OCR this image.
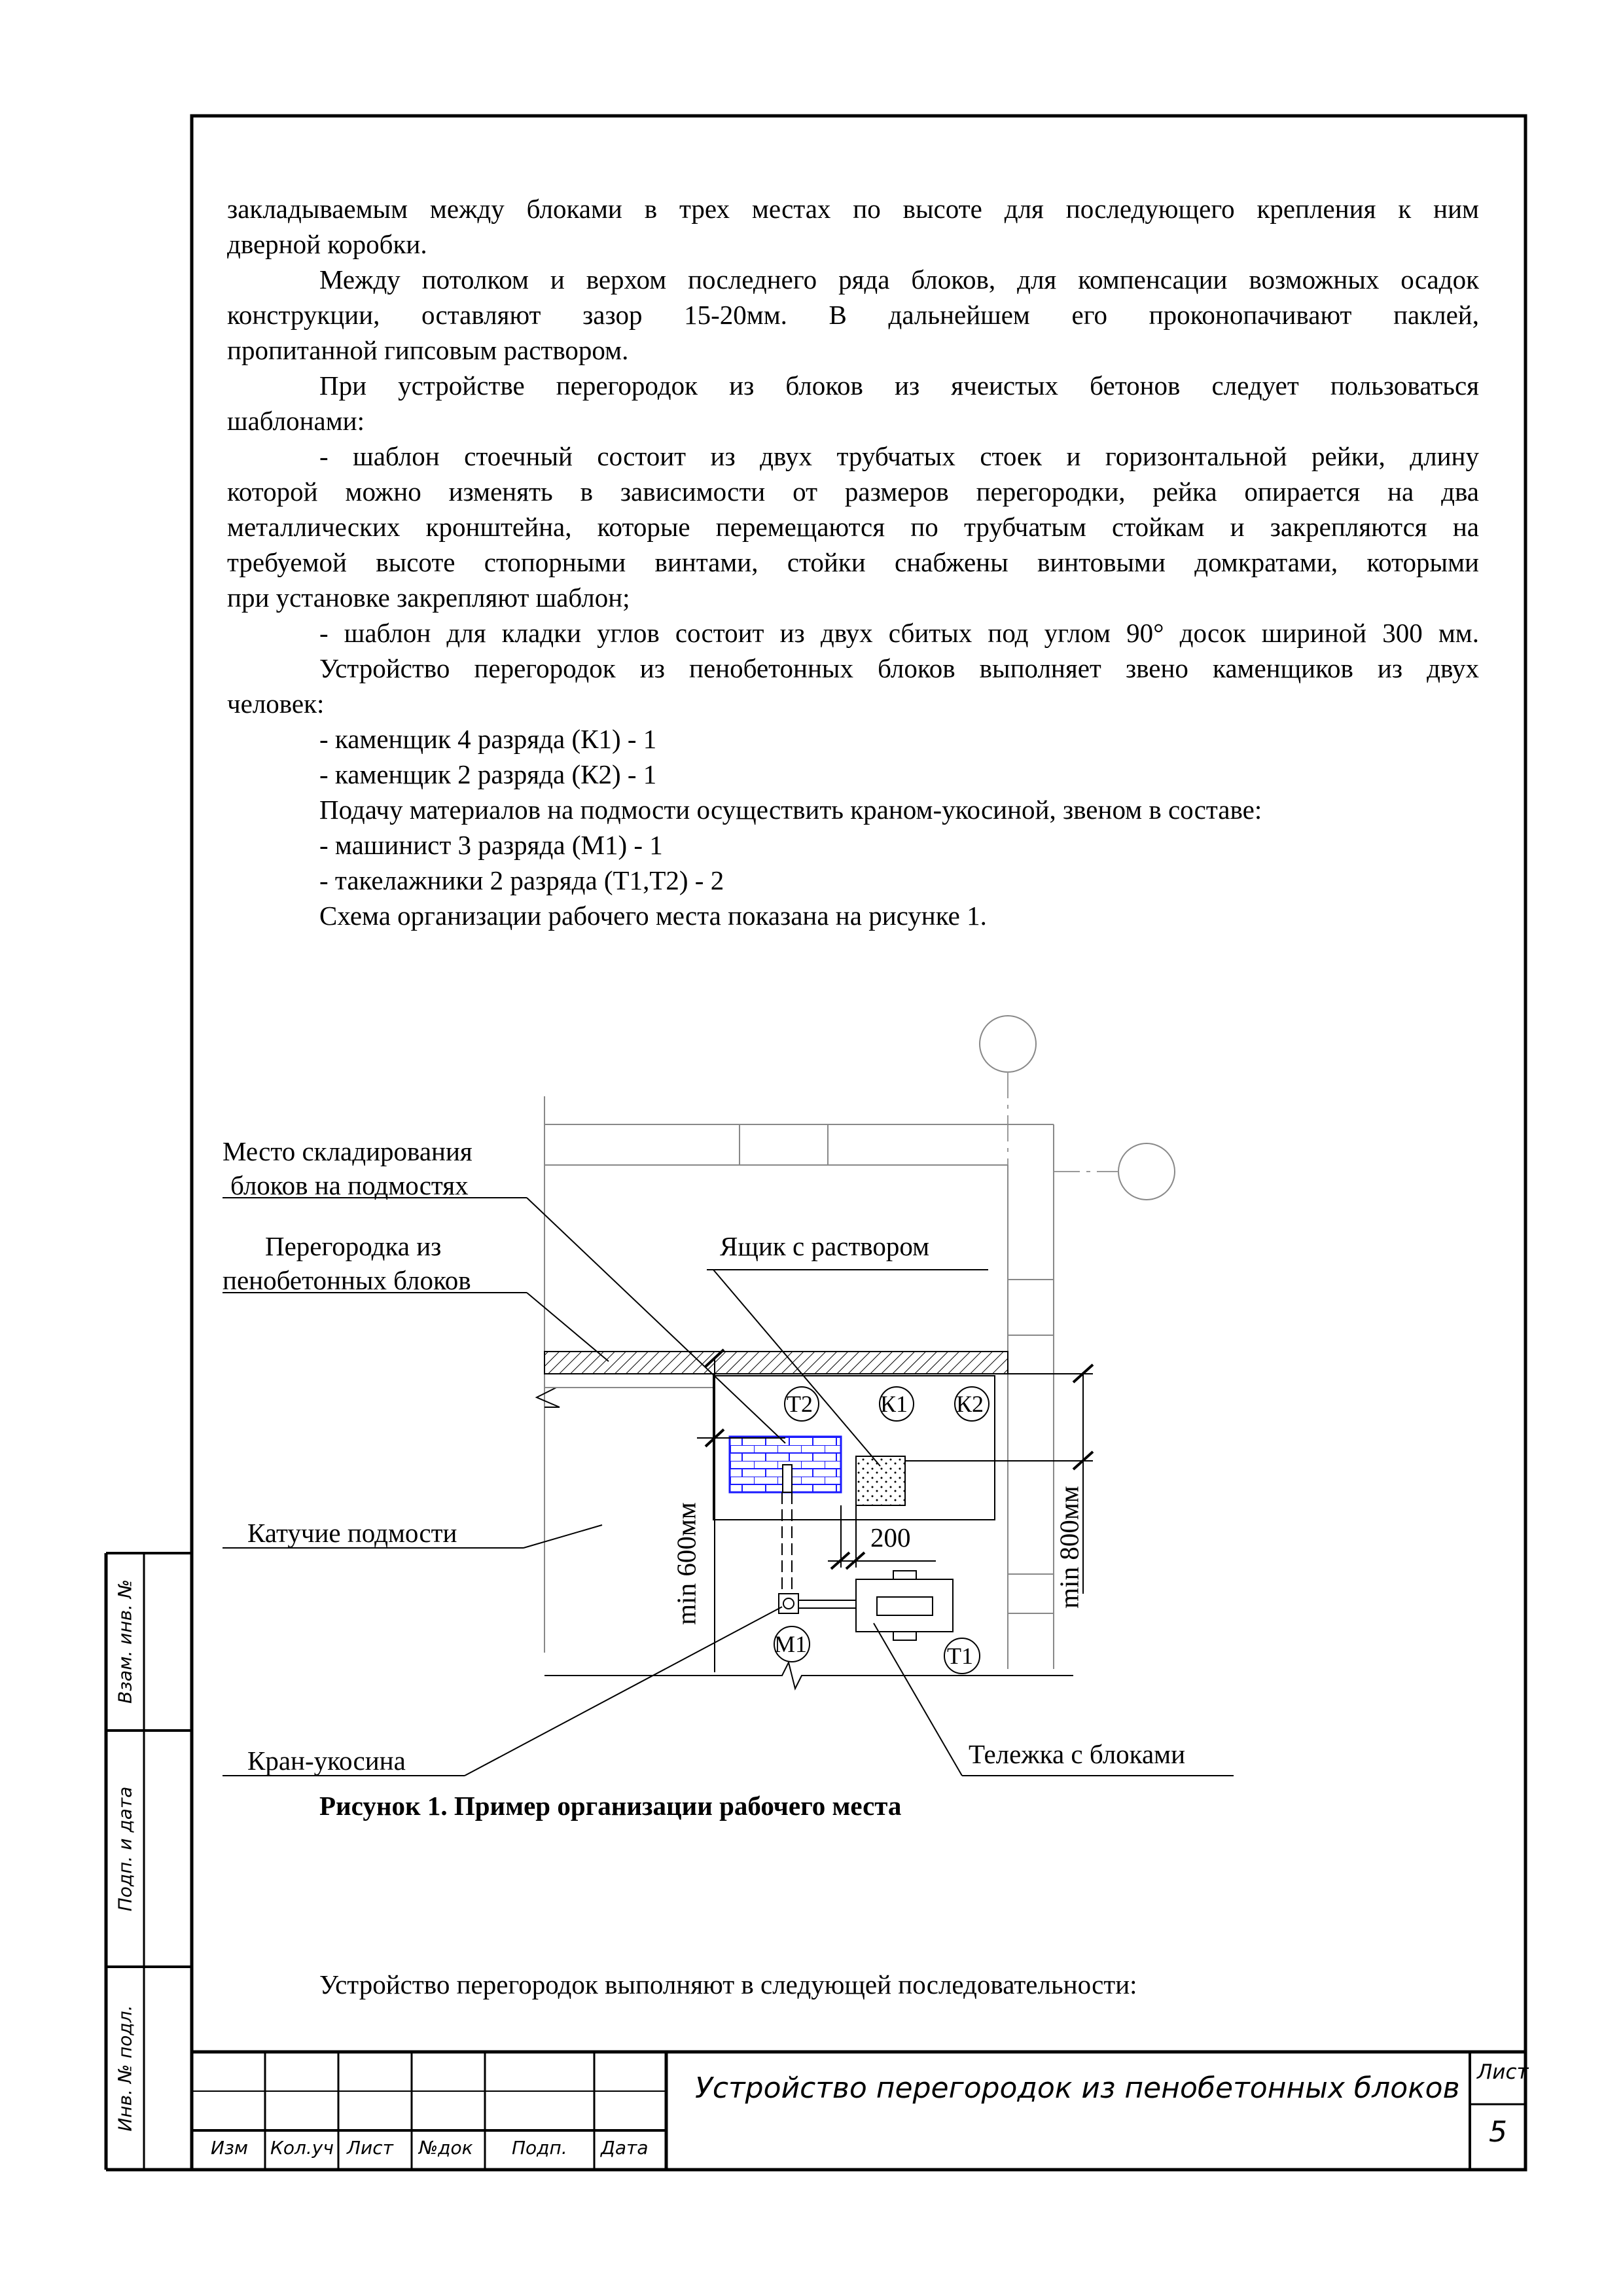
закладываемым между блоками в трех местах по высоте для последующего крепления к ним
дверной коробки.
Между потолком и верхом последнего ряда блоков, для компенсации возможных осадок
конструкции, оставляют зазор 15-20мм. В дальнейшем его проконопачивают паклей,
пропитанной гипсовым раствором.
При устройстве перегородок из блоков из ячеистых бетонов следует пользоваться
шаблонами:
- шаблон стоечный состоит из двух трубчатых стоек и горизонтальной рейки, длину
которой можно изменять в зависимости от размеров перегородки, рейка опирается на два
металлических кронштейна, которые перемещаются по трубчатым стойкам и закрепляются на
требуемой высоте стопорными винтами, стойки снабжены винтовыми домкратами, которыми
при установке закрепляют шаблон;
- шаблон для кладки углов состоит из двух сбитых под углом 90° досок шириной 300 мм.
Устройство перегородок из пенобетонных блоков выполняет звено каменщиков из двух
человек:
- каменщик 4 разряда (К1) - 1
- каменщик 2 разряда (К2) - 1
Подачу материалов на подмости осуществить краном-укосиной, звеном в составе:
- машинист 3 разряда (М1) - 1
- такелажники 2 разряда (Т1,Т2) - 2
Схема организации рабочего места показана на рисунке 1.
Место складирования
блоков на подмостях
Перегородка из
пенобетонных блоков
Ящик с раствором
Катучие подмости
Кран-укосина	Тележка с блоками
200
min 600мм	min 800мм
Т2	К1 К2
М1	Т1
Рисунок 1. Пример организации рабочего места
Устройство перегородок выполняют в следующей последовательности:
Устройство перегородок из пенобетонных блоков Лист
5
Изм Кол.уч Лист №док Подп. Дата
Взам. инв. №
Подп. и дата
Инв. № подл.
